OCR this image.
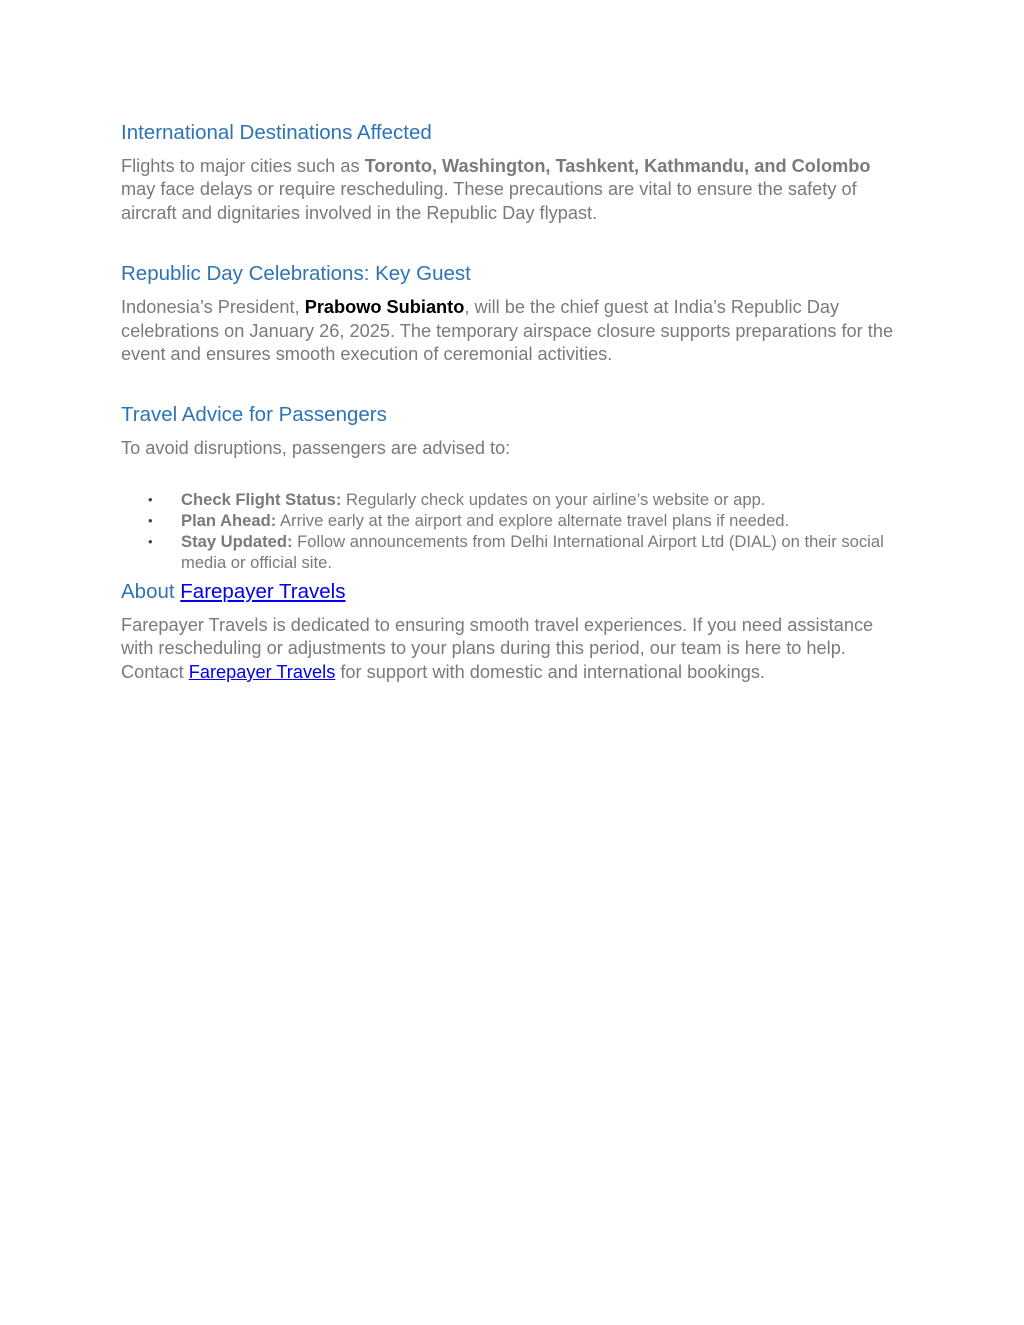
International Destinations Affected

Flights to major cities such as Toronto, Washington, Tashkent, Kathmandu, and Colombo may face delays or require rescheduling. These precautions are vital to ensure the safety of aircraft and dignitaries involved in the Republic Day flypast.

Republic Day Celebrations: Key Guest

Indonesia’s President, Prabowo Subianto, will be the chief guest at India’s Republic Day celebrations on January 26, 2025. The temporary airspace closure supports preparations for the event and ensures smooth execution of ceremonial activities.

Travel Advice for Passengers

To avoid disruptions, passengers are advised to:

• Check Flight Status: Regularly check updates on your airline’s website or app.
• Plan Ahead: Arrive early at the airport and explore alternate travel plans if needed.
• Stay Updated: Follow announcements from Delhi International Airport Ltd (DIAL) on their social media or official site.
About Farepayer Travels

Farepayer Travels is dedicated to ensuring smooth travel experiences. If you need assistance with rescheduling or adjustments to your plans during this period, our team is here to help. Contact Farepayer Travels for support with domestic and international bookings.
